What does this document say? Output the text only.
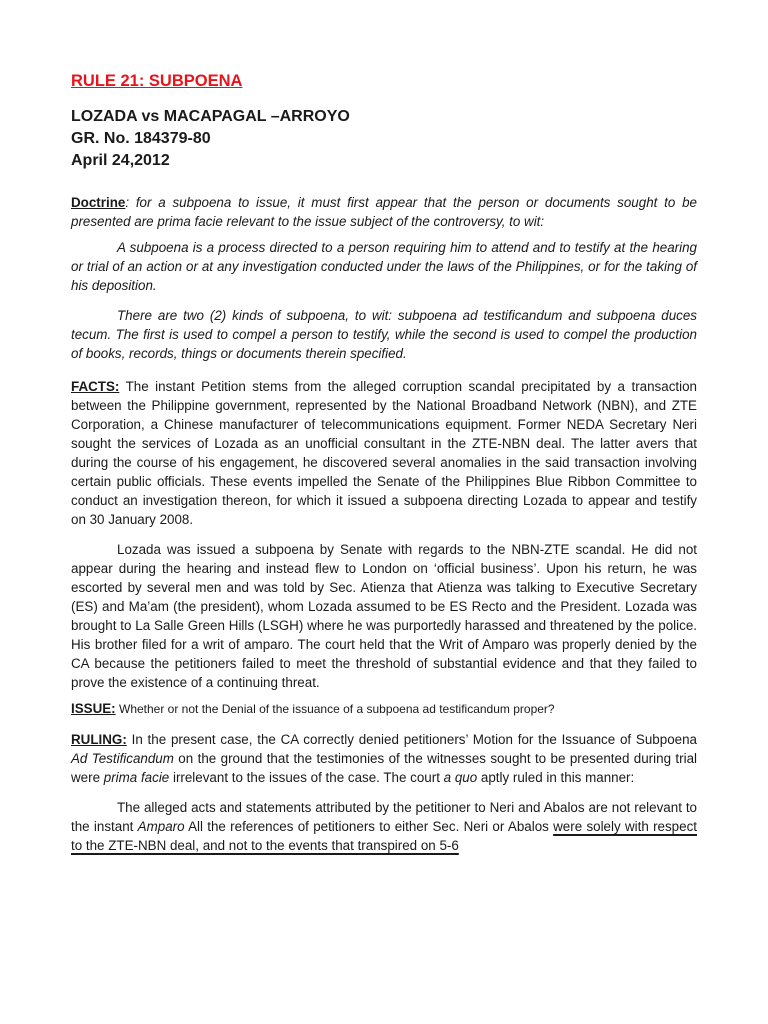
RULE 21: SUBPOENA
LOZADA vs MACAPAGAL –ARROYO
GR. No. 184379-80
April 24,2012

Doctrine: for a subpoena to issue, it must first appear that the person or documents sought to be presented are prima facie relevant to the issue subject of the controversy, to wit:

A subpoena is a process directed to a person requiring him to attend and to testify at the hearing or trial of an action or at any investigation conducted under the laws of the Philippines, or for the taking of his deposition.

There are two (2) kinds of subpoena, to wit: subpoena ad testificandum and subpoena duces tecum. The first is used to compel a person to testify, while the second is used to compel the production of books, records, things or documents therein specified.

FACTS: The instant Petition stems from the alleged corruption scandal precipitated by a transaction between the Philippine government, represented by the National Broadband Network (NBN), and ZTE Corporation, a Chinese manufacturer of telecommunications equipment. Former NEDA Secretary Neri sought the services of Lozada as an unofficial consultant in the ZTE-NBN deal. The latter avers that during the course of his engagement, he discovered several anomalies in the said transaction involving certain public officials. These events impelled the Senate of the Philippines Blue Ribbon Committee to conduct an investigation thereon, for which it issued a subpoena directing Lozada to appear and testify on 30 January 2008.

Lozada was issued a subpoena by Senate with regards to the NBN-ZTE scandal. He did not appear during the hearing and instead flew to London on ‘official business’. Upon his return, he was escorted by several men and was told by Sec. Atienza that Atienza was talking to Executive Secretary (ES) and Ma’am (the president), whom Lozada assumed to be ES Recto and the President. Lozada was brought to La Salle Green Hills (LSGH) where he was purportedly harassed and threatened by the police. His brother filed for a writ of amparo. The court held that the Writ of Amparo was properly denied by the CA because the petitioners failed to meet the threshold of substantial evidence and that they failed to prove the existence of a continuing threat.

ISSUE: Whether or not the Denial of the issuance of a subpoena ad testificandum proper?

RULING: In the present case, the CA correctly denied petitioners’ Motion for the Issuance of Subpoena Ad Testificandum on the ground that the testimonies of the witnesses sought to be presented during trial were prima facie irrelevant to the issues of the case. The court a quo aptly ruled in this manner:

The alleged acts and statements attributed by the petitioner to Neri and Abalos are not relevant to the instant Amparo All the references of petitioners to either Sec. Neri or Abalos were solely with respect to the ZTE-NBN deal, and not to the events that transpired on 5-6
